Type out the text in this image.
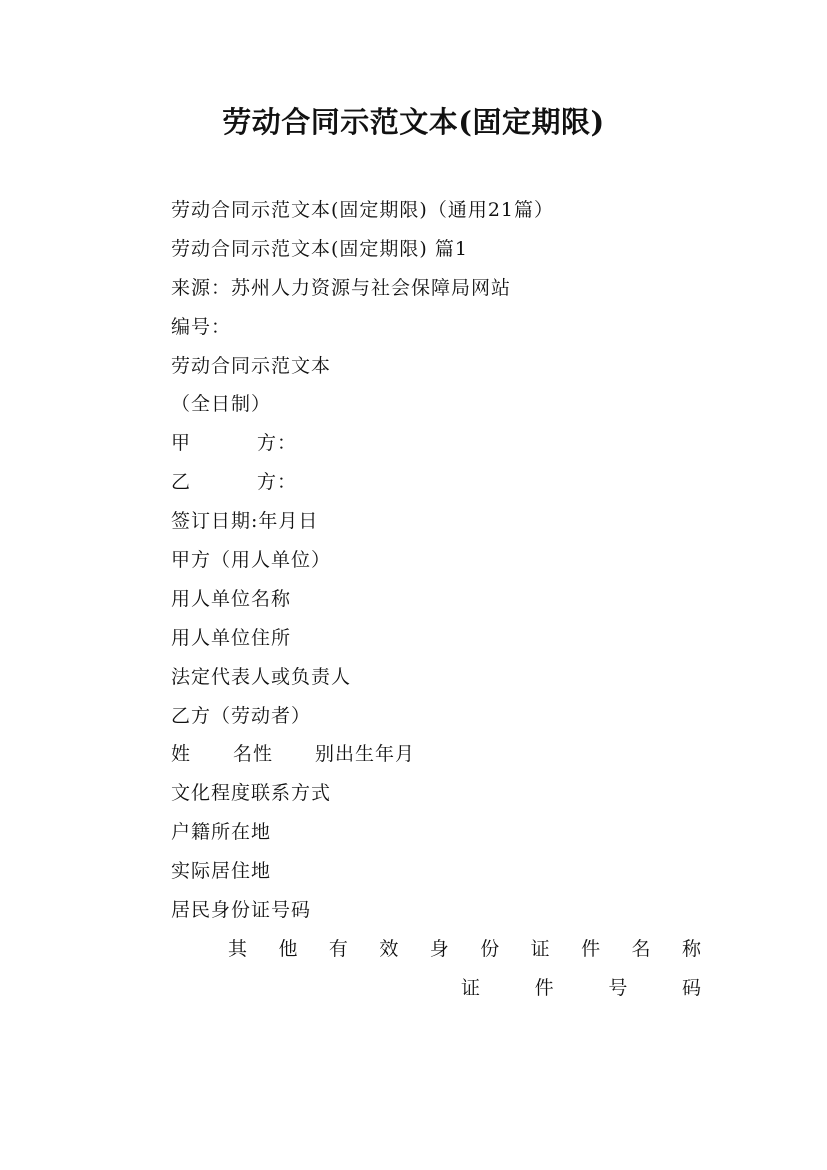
劳动合同示范文本(固定期限)
劳动合同示范文本(固定期限)（通用21篇）
劳动合同示范文本(固定期限) 篇1
来源：苏州人力资源与社会保障局网站
编号：
劳动合同示范文本
（全日制）
甲	方：
乙	方：
签订日期:年月日
甲方（用人单位）
用人单位名称
用人单位住所
法定代表人或负责人
乙方（劳动者）
姓 名性 别出生年月
文化程度联系方式
户籍所在地
实际居住地
居民身份证号码
其 他 有 效 身 份 证 件 名 称
证	件	号	码
